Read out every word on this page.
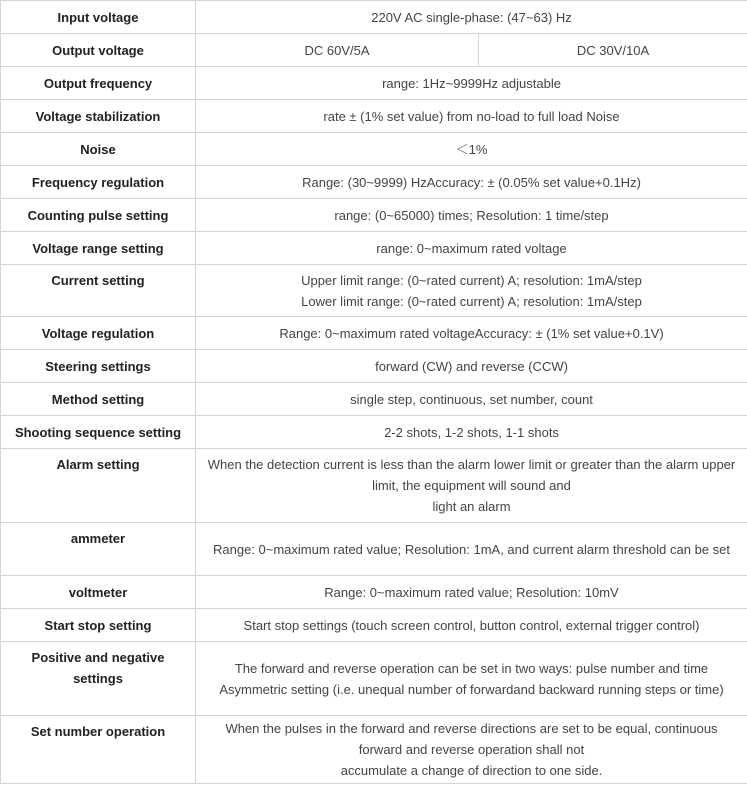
Input voltage	220V AC single-phase: (47~63) Hz	
Output voltage	DC 60V/5A	DC 30V/10A
Output frequency	range: 1Hz~9999Hz adjustable	
Voltage stabilization	rate ± (1% set value) from no-load to full load Noise	
Noise	＜1%	
Frequency regulation	Range: (30~9999) HzAccuracy: ± (0.05% set value+0.1Hz)	
Counting pulse setting	range: (0~65000) times; Resolution: 1 time/step	
Voltage range setting	range: 0~maximum rated voltage	
Current setting	Upper limit range: (0~rated current) A; resolution: 1mA/step
Lower limit range: (0~rated current) A; resolution: 1mA/step	

Voltage regulation	Range: 0~maximum rated voltageAccuracy: ± (1% set value+0.1V)	
Steering settings	forward (CW) and reverse (CCW)	
Method setting	single step, continuous, set number, count	
Shooting sequence setting	2-2 shots, 1-2 shots, 1-1 shots	
Alarm setting	When the detection current is less than the alarm lower limit or greater than the alarm upper limit, the equipment will sound and
light an alarm	

ammeter	Range: 0~maximum rated value; Resolution: 1mA, and current alarm threshold can be set	

voltmeter	Range: 0~maximum rated value; Resolution: 10mV	
Start stop setting	Start stop settings (touch screen control, button control, external trigger control)	
Positive and negative settings	The forward and reverse operation can be set in two ways: pulse number and time
Asymmetric setting (i.e. unequal number of forwardand backward running steps or time)	

Set number operation	When the pulses in the forward and reverse directions are set to be equal, continuous forward and reverse operation shall not
accumulate a change of direction to one side.	
